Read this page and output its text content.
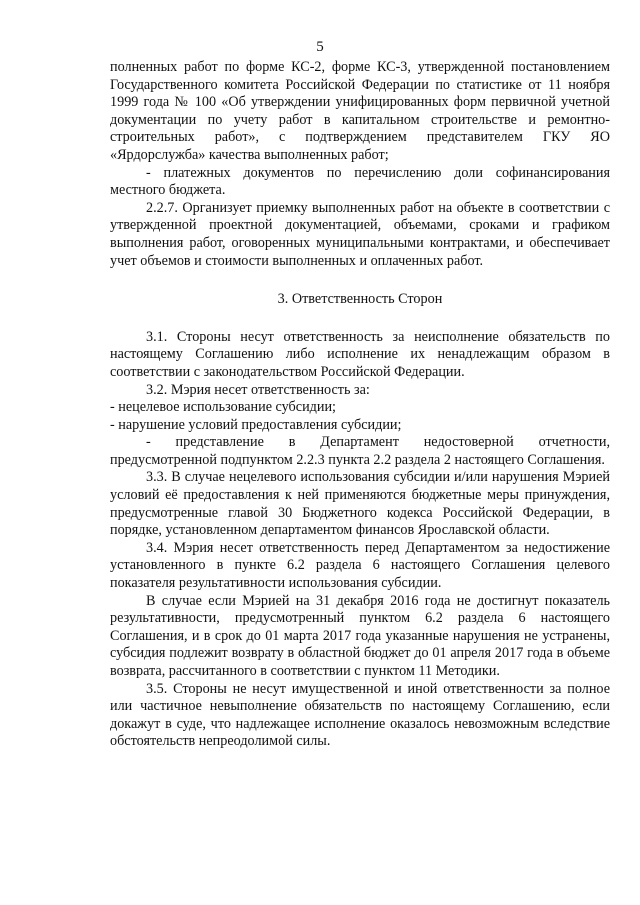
5

полненных работ по форме КС-2, форме КС-3, утвержденной постановлением Государственного комитета Российской Федерации по статистике от 11 ноября 1999 года № 100 «Об утверждении унифицированных форм первичной учетной документации по учету работ в капитальном строительстве и ремонтно-строительных работ», с подтверждением представителем ГКУ ЯО «Ярдорслужба» качества выполненных работ;

- платежных документов по перечислению доли софинансирования местного бюджета.

2.2.7. Организует приемку выполненных работ на объекте в соответствии с утвержденной проектной документацией, объемами, сроками и графиком выполнения работ, оговоренных муниципальными контрактами, и обеспечивает учет объемов и стоимости выполненных и оплаченных работ.

3. Ответственность Сторон

3.1. Стороны несут ответственность за неисполнение обязательств по настоящему Соглашению либо исполнение их ненадлежащим образом в соответствии с законодательством Российской Федерации.

3.2. Мэрия несет ответственность за:

- нецелевое использование субсидии;

- нарушение условий предоставления субсидии;

- представление в Департамент недостоверной отчетности, предусмотренной подпунктом 2.2.3 пункта 2.2 раздела 2 настоящего Соглашения.

3.3. В случае нецелевого использования субсидии и/или нарушения Мэрией условий её предоставления к ней применяются бюджетные меры принуждения, предусмотренные главой 30 Бюджетного кодекса Российской Федерации, в порядке, установленном департаментом финансов Ярославской области.

3.4. Мэрия несет ответственность перед Департаментом за недостижение установленного в пункте 6.2 раздела 6 настоящего Соглашения целевого показателя результативности использования субсидии.

В случае если Мэрией на 31 декабря 2016 года не достигнут показатель результативности, предусмотренный пунктом 6.2 раздела 6 настоящего Соглашения, и в срок до 01 марта 2017 года указанные нарушения не устранены, субсидия подлежит возврату в областной бюджет до 01 апреля 2017 года в объеме возврата, рассчитанного в соответствии с пунктом 11 Методики.

3.5. Стороны не несут имущественной и иной ответственности за полное или частичное невыполнение обязательств по настоящему Соглашению, если докажут в суде, что надлежащее исполнение оказалось невозможным вследствие обстоятельств непреодолимой силы.
